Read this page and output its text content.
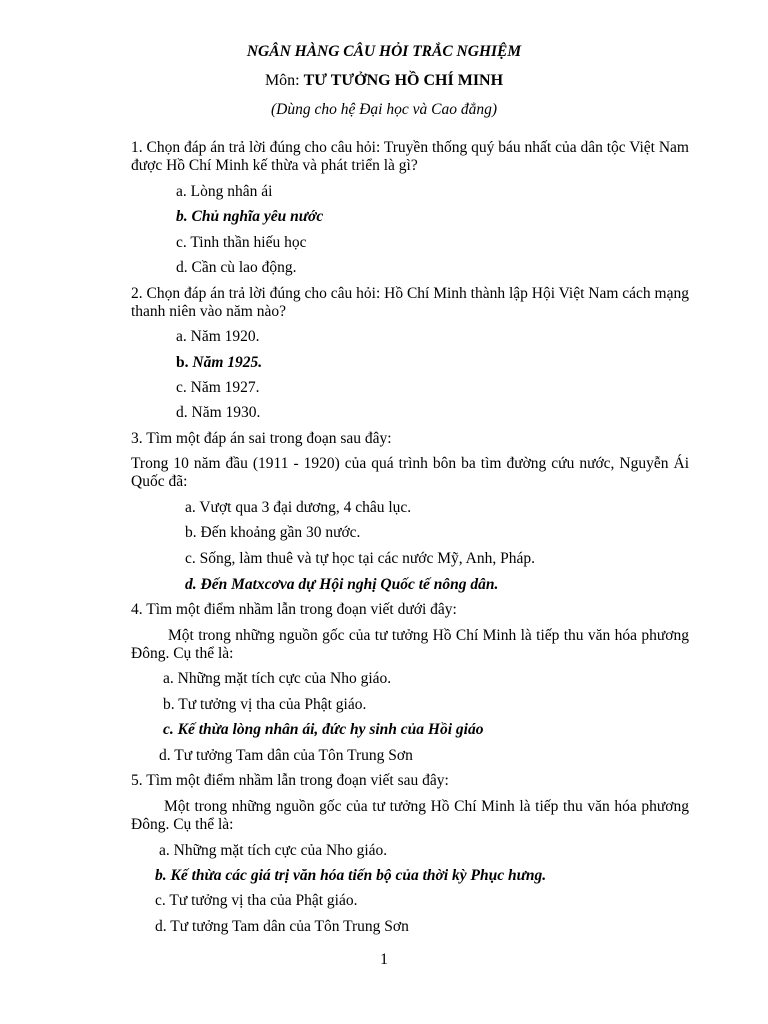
NGÂN HÀNG CÂU HỎI TRẮC NGHIỆM
Môn: TƯ TƯỞNG HỒ CHÍ MINH
(Dùng cho hệ Đại học và Cao đẳng)
1. Chọn đáp án trả lời đúng cho câu hỏi: Truyền thống quý báu nhất của dân tộc Việt Nam được Hồ Chí Minh kế thừa và phát triển là gì?
a. Lòng nhân ái
b. Chủ nghĩa yêu nước
c. Tinh thần hiếu học
d. Cần cù lao động.
2. Chọn đáp án trả lời đúng cho câu hỏi: Hồ Chí Minh thành lập Hội Việt Nam cách mạng thanh niên vào năm nào?
a. Năm 1920.
b. Năm 1925.
c. Năm 1927.
d. Năm 1930.
3. Tìm một đáp án sai trong đoạn sau đây:
Trong 10 năm đầu (1911 - 1920) của quá trình bôn ba tìm đường cứu nước, Nguyễn Ái Quốc đã:
a. Vượt qua 3 đại dương, 4 châu lục.
b. Đến khoảng gần 30 nước.
c. Sống, làm thuê và tự học tại các nước Mỹ, Anh, Pháp.
d. Đến Matxcơva dự Hội nghị Quốc tế nông dân.
4. Tìm một điểm nhầm lẫn trong đoạn viết dưới đây:
Một trong những nguồn gốc của tư tưởng Hồ Chí Minh là tiếp thu văn hóa phương Đông. Cụ thể là:
a. Những mặt tích cực của Nho giáo.
b. Tư tưởng vị tha của Phật giáo.
c. Kế thừa lòng nhân ái, đức hy sinh của Hồi giáo
d. Tư tưởng Tam dân của Tôn Trung Sơn
5. Tìm một điểm nhầm lẫn trong đoạn viết sau đây:
Một trong những nguồn gốc của tư tưởng Hồ Chí Minh là tiếp thu văn hóa phương Đông. Cụ thể là:
a. Những mặt tích cực của Nho giáo.
b. Kế thừa các giá trị văn hóa tiến bộ của thời kỳ Phục hưng.
c. Tư tưởng vị tha của Phật giáo.
d. Tư tưởng Tam dân của Tôn Trung Sơn
1
